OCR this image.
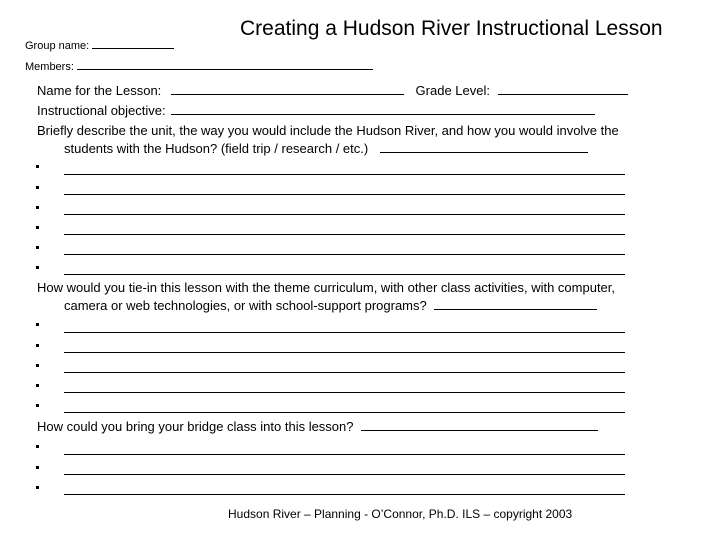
Group name:
Creating a Hudson River Instructional Lesson
Members:
Name for the Lesson:	Grade Level:
Instructional objective:
Briefly describe the unit, the way you would include the Hudson River, and how you would involve the
students with the Hudson? (field trip / research / etc.)
How would you tie-in this lesson with the theme curriculum, with other class activities, with computer,
camera or web technologies, or with school-support programs?
How could you bring your bridge class into this lesson?
Hudson River – Planning - O’Connor, Ph.D. ILS – copyright 2003
